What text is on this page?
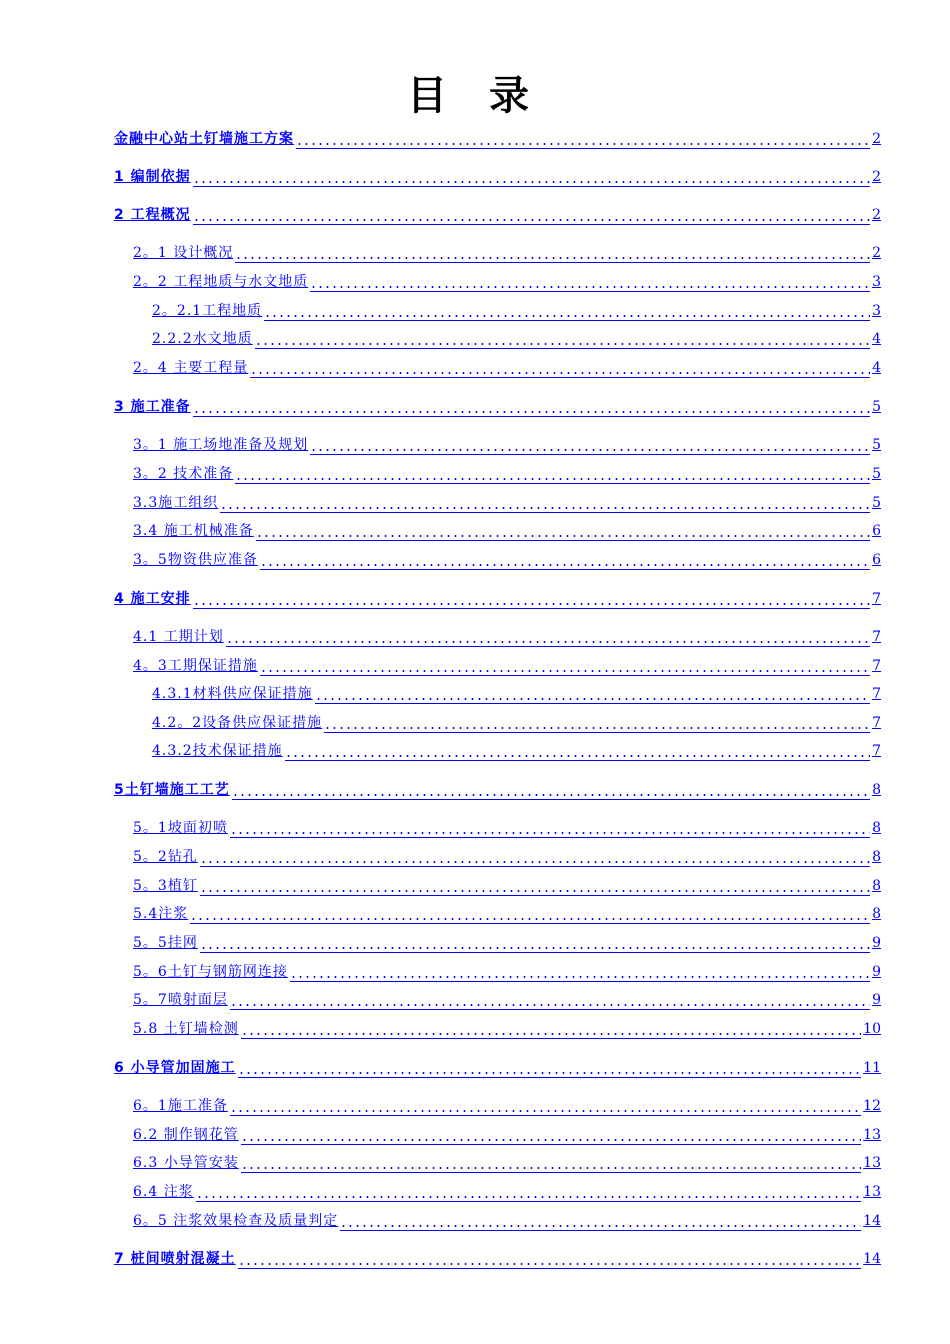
目 录
金融中心站土钉墙施工方案	2
1 编制依据	2
2 工程概况	2
2。1 设计概况	2
2。2 工程地质与水文地质	3
2。2.1工程地质	3
2.2.2水文地质	4
2。4 主要工程量	4
3 施工准备	5
3。1 施工场地准备及规划	5
3。2 技术准备	5
3.3施工组织	5
3.4 施工机械准备	6
3。5物资供应准备	6
4 施工安排	7
4.1 工期计划	7
4。3工期保证措施	7
4.3.1材料供应保证措施	7
4.2。2设备供应保证措施	7
4.3.2技术保证措施	7
5土钉墙施工工艺	8
5。1坡面初喷	8
5。2钻孔	8
5。3植钉	8
5.4注浆	8
5。5挂网	9
5。6土钉与钢筋网连接	9
5。7喷射面层	9
5.8 土钉墙检测	10
6 小导管加固施工	11
6。1施工准备	12
6.2 制作钢花管	13
6.3 小导管安装	13
6.4 注浆	13
6。5 注浆效果检查及质量判定	14
7 桩间喷射混凝土	14
